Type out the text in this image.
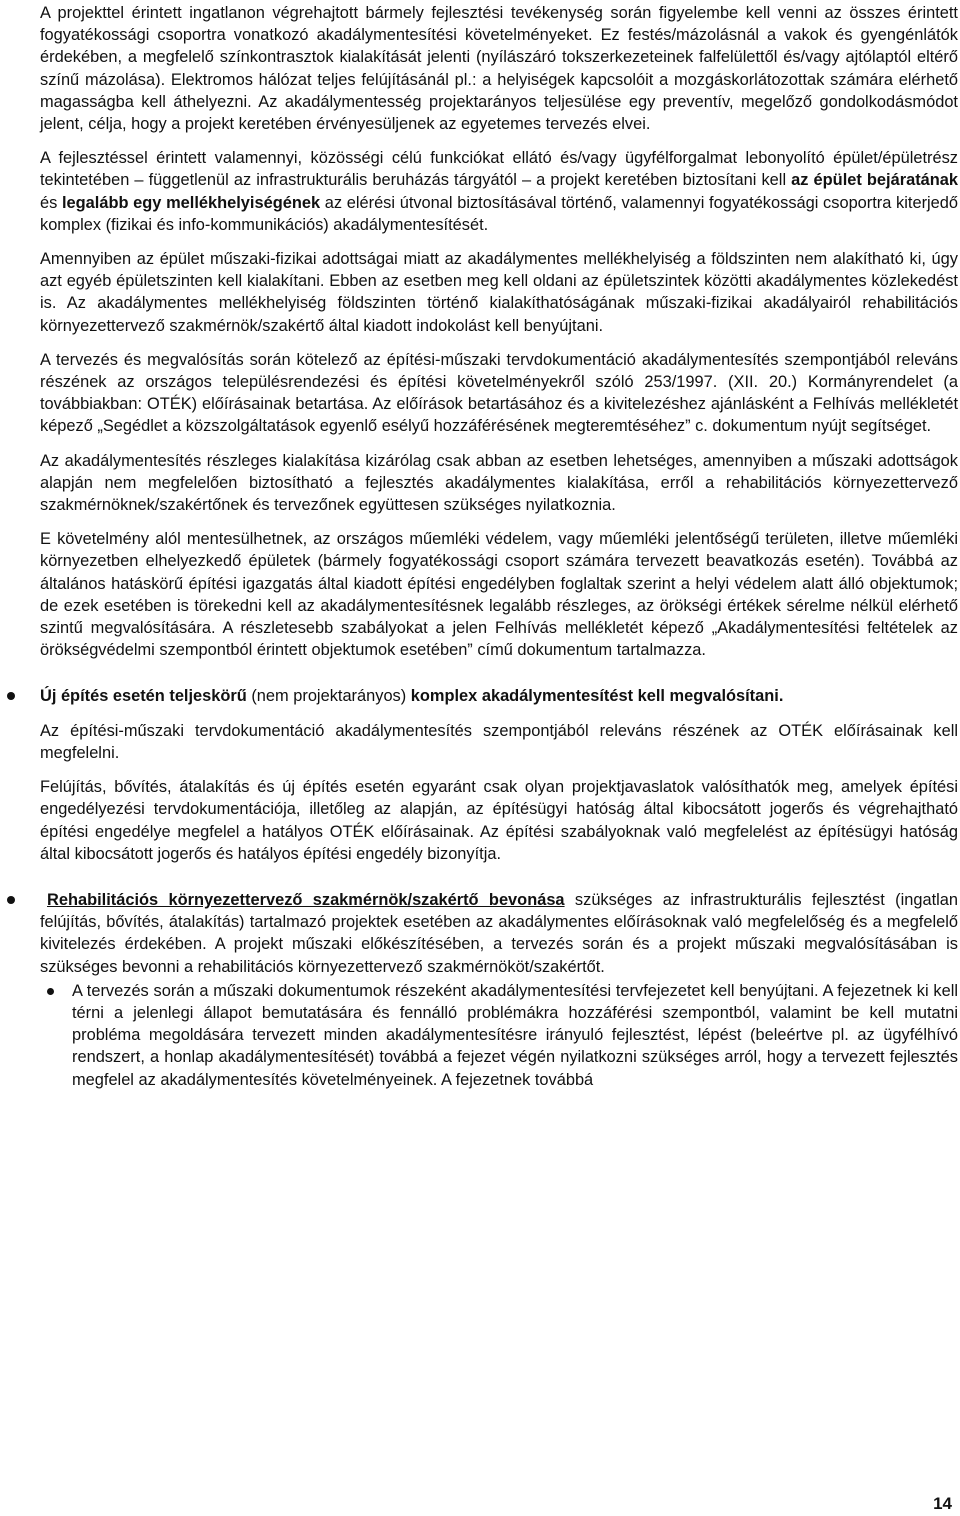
A projekttel érintett ingatlanon végrehajtott bármely fejlesztési tevékenység során figyelembe kell venni az összes érintett fogyatékossági csoportra vonatkozó akadálymentesítési követelményeket. Ez festés/mázolásnál a vakok és gyengénlátók érdekében, a megfelelő színkontrasztok kialakítását jelenti (nyílászáró tokszerkezeteinek falfelülettől és/vagy ajtólaptól eltérő színű mázolása). Elektromos hálózat teljes felújításánál pl.: a helyiségek kapcsolóit a mozgáskorlátozottak számára elérhető magasságba kell áthelyezni. Az akadálymentesség projektarányos teljesülése egy preventív, megelőző gondolkodásmódot jelent, célja, hogy a projekt keretében érvényesüljenek az egyetemes tervezés elvei.

A fejlesztéssel érintett valamennyi, közösségi célú funkciókat ellátó és/vagy ügyfélforgalmat lebonyolító épület/épületrész tekintetében – függetlenül az infrastrukturális beruházás tárgyától – a projekt keretében biztosítani kell az épület bejáratának és legalább egy mellékhelyiségének az elérési útvonal biztosításával történő, valamennyi fogyatékossági csoportra kiterjedő komplex (fizikai és info-kommunikációs) akadálymentesítését.

Amennyiben az épület műszaki-fizikai adottságai miatt az akadálymentes mellékhelyiség a földszinten nem alakítható ki, úgy azt egyéb épületszinten kell kialakítani. Ebben az esetben meg kell oldani az épületszintek közötti akadálymentes közlekedést is. Az akadálymentes mellékhelyiség földszinten történő kialakíthatóságának műszaki-fizikai akadályairól rehabilitációs környezettervező szakmérnök/szakértő által kiadott indokolást kell benyújtani.

A tervezés és megvalósítás során kötelező az építési-műszaki tervdokumentáció akadálymentesítés szempontjából releváns részének az országos településrendezési és építési követelményekről szóló 253/1997. (XII. 20.) Kormányrendelet (a továbbiakban: OTÉK) előírásainak betartása. Az előírások betartásához és a kivitelezéshez ajánlásként a Felhívás mellékletét képező „Segédlet a közszolgáltatások egyenlő esélyű hozzáférésének megteremtéséhez” c. dokumentum nyújt segítséget.

Az akadálymentesítés részleges kialakítása kizárólag csak abban az esetben lehetséges, amennyiben a műszaki adottságok alapján nem megfelelően biztosítható a fejlesztés akadálymentes kialakítása, erről a rehabilitációs környezettervező szakmérnöknek/szakértőnek és tervezőnek együttesen szükséges nyilatkoznia.

E követelmény alól mentesülhetnek, az országos műemléki védelem, vagy műemléki jelentőségű területen, illetve műemléki környezetben elhelyezkedő épületek (bármely fogyatékossági csoport számára tervezett beavatkozás esetén). Továbbá az általános hatáskörű építési igazgatás által kiadott építési engedélyben foglaltak szerint a helyi védelem alatt álló objektumok; de ezek esetében is törekedni kell az akadálymentesítésnek legalább részleges, az örökségi értékek sérelme nélkül elérhető szintű megvalósítására. A részletesebb szabályokat a jelen Felhívás mellékletét képező „Akadálymentesítési feltételek az örökségvédelmi szempontból érintett objektumok esetében” című dokumentum tartalmazza.

Új építés esetén teljeskörű (nem projektarányos) komplex akadálymentesítést kell megvalósítani.

Az építési-műszaki tervdokumentáció akadálymentesítés szempontjából releváns részének az OTÉK előírásainak kell megfelelni.

Felújítás, bővítés, átalakítás és új építés esetén egyaránt csak olyan projektjavaslatok valósíthatók meg, amelyek építési engedélyezési tervdokumentációja, illetőleg az alapján, az építésügyi hatóság által kibocsátott jogerős és végrehajtható építési engedélye megfelel a hatályos OTÉK előírásainak. Az építési szabályoknak való megfelelést az építésügyi hatóság által kibocsátott jogerős és hatályos építési engedély bizonyítja.

Rehabilitációs környezettervező szakmérnök/szakértő bevonása szükséges az infrastrukturális fejlesztést (ingatlan felújítás, bővítés, átalakítás) tartalmazó projektek esetében az akadálymentes előírásoknak való megfelelőség és a megfelelő kivitelezés érdekében. A projekt műszaki előkészítésében, a tervezés során és a projekt műszaki megvalósításában is szükséges bevonni a rehabilitációs környezettervező szakmérnököt/szakértőt.

A tervezés során a műszaki dokumentumok részeként akadálymentesítési tervfejezetet kell benyújtani. A fejezetnek ki kell térni a jelenlegi állapot bemutatására és fennálló problémákra hozzáférési szempontból, valamint be kell mutatni probléma megoldására tervezett minden akadálymentesítésre irányuló fejlesztést, lépést (beleértve pl. az ügyfélhívó rendszert, a honlap akadálymentesítését) továbbá a fejezet végén nyilatkozni szükséges arról, hogy a tervezett fejlesztés megfelel az akadálymentesítés követelményeinek. A fejezetnek továbbá

14
